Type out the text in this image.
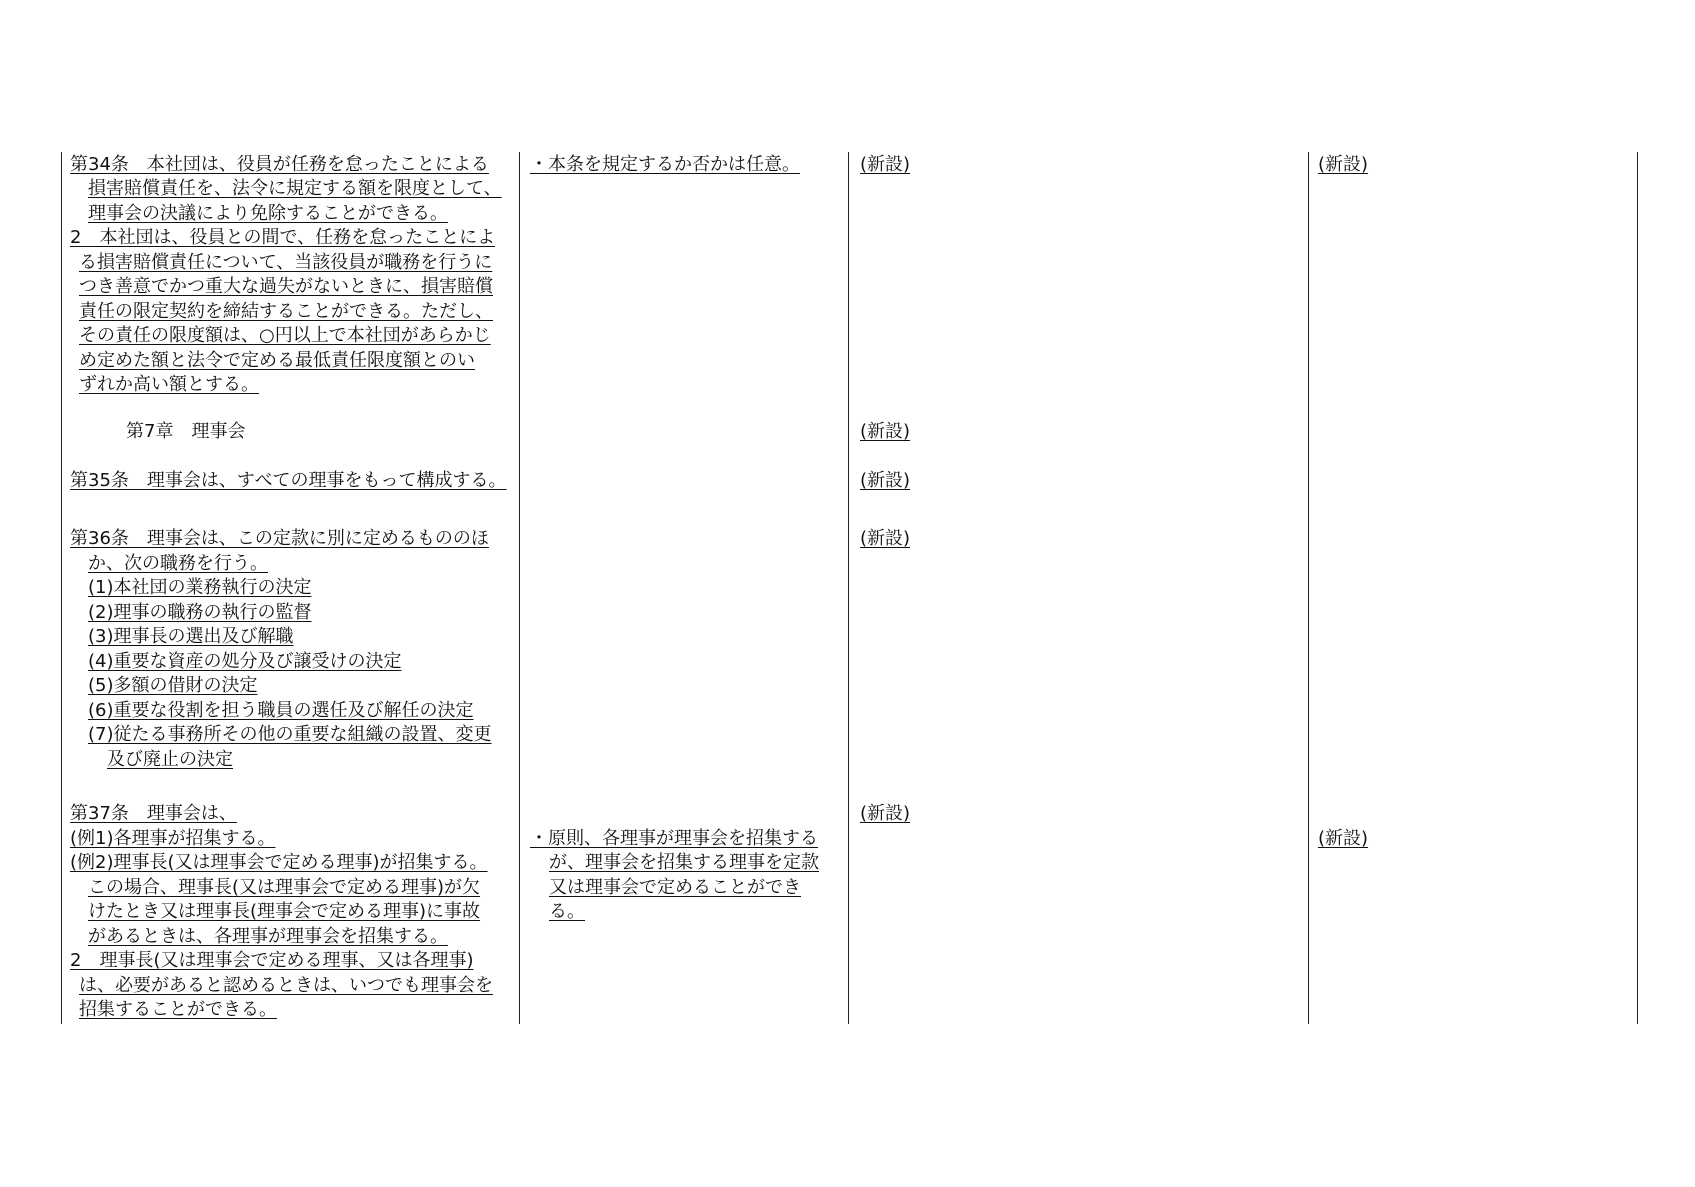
第34条　本社団は、役員が任務を怠ったことによる
損害賠償責任を、法令に規定する額を限度として、
理事会の決議により免除することができる。
2　本社団は、役員との間で、任務を怠ったことによ
る損害賠償責任について、当該役員が職務を行うに
つき善意でかつ重大な過失がないときに、損害賠償
責任の限定契約を締結することができる。ただし、
その責任の限度額は、○円以上で本社団があらかじ
め定めた額と法令で定める最低責任限度額とのい
ずれか高い額とする。
第7章　理事会
第35条　理事会は、すべての理事をもって構成する。
第36条　理事会は、この定款に別に定めるもののほ
か、次の職務を行う。
(1)本社団の業務執行の決定
(2)理事の職務の執行の監督
(3)理事長の選出及び解職
(4)重要な資産の処分及び譲受けの決定
(5)多額の借財の決定
(6)重要な役割を担う職員の選任及び解任の決定
(7)従たる事務所その他の重要な組織の設置、変更
及び廃止の決定
第37条　理事会は、
(例1)各理事が招集する。
(例2)理事長(又は理事会で定める理事)が招集する。
この場合、理事長(又は理事会で定める理事)が欠
けたとき又は理事長(理事会で定める理事)に事故
があるときは、各理事が理事会を招集する。
2　理事長(又は理事会で定める理事、又は各理事)
は、必要があると認めるときは、いつでも理事会を
招集することができる。
・本条を規定するか否かは任意。
・原則、各理事が理事会を招集する
が、理事会を招集する理事を定款
又は理事会で定めることができ
る。
(新設)
(新設)
(新設)
(新設)
(新設)
(新設)
(新設)
